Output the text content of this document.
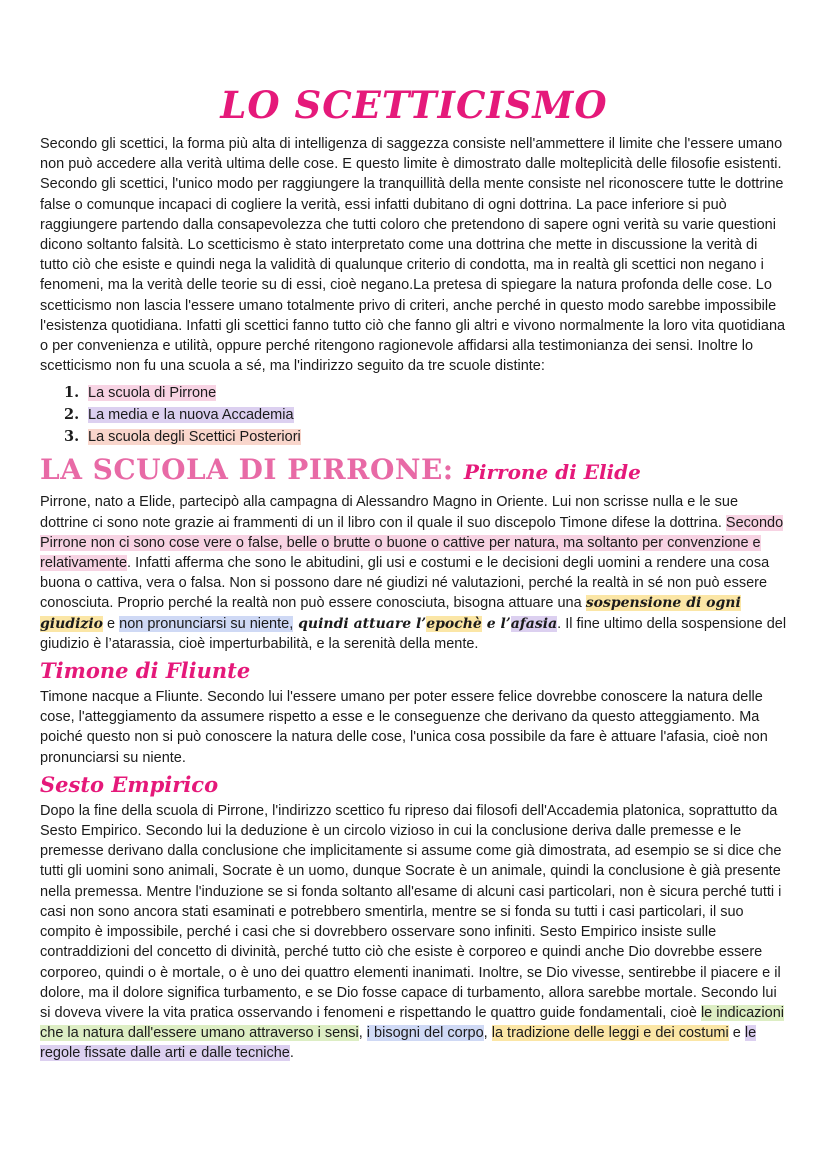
LO SCETTICISMO

Secondo gli scettici, la forma più alta di intelligenza di saggezza consiste nell'ammettere il limite che l'essere umano non può accedere alla verità ultima delle cose. E questo limite è dimostrato dalle molteplicità delle filosofie esistenti. Secondo gli scettici, l'unico modo per raggiungere la tranquillità della mente consiste nel riconoscere tutte le dottrine false o comunque incapaci di cogliere la verità, essi infatti dubitano di ogni dottrina. La pace inferiore si può raggiungere partendo dalla consapevolezza che tutti coloro che pretendono di sapere ogni verità su varie questioni dicono soltanto falsità. Lo scetticismo è stato interpretato come una dottrina che mette in discussione la verità di tutto ciò che esiste e quindi nega la validità di qualunque criterio di condotta, ma in realtà gli scettici non negano i fenomeni, ma la verità delle teorie su di essi, cioè negano.La pretesa di spiegare la natura profonda delle cose. Lo scetticismo non lascia l'essere umano totalmente privo di criteri, anche perché in questo modo sarebbe impossibile l'esistenza quotidiana. Infatti gli scettici fanno tutto ciò che fanno gli altri e vivono normalmente la loro vita quotidiana o per convenienza e utilità, oppure perché ritengono ragionevole affidarsi alla testimonianza dei sensi. Inoltre lo scetticismo non fu una scuola a sé, ma l'indirizzo seguito da tre scuole distinte:

1. La scuola di Pirrone
2. La media e la nuova Accademia
3. La scuola degli Scettici Posteriori
LA SCUOLA DI PIRRONE: Pirrone di Elide

Pirrone, nato a Elide, partecipò alla campagna di Alessandro Magno in Oriente. Lui non scrisse nulla e le sue dottrine ci sono note grazie ai frammenti di un il libro con il quale il suo discepolo Timone difese la dottrina. Secondo Pirrone non ci sono cose vere o false, belle o brutte o buone o cattive per natura, ma soltanto per convenzione e relativamente. Infatti afferma che sono le abitudini, gli usi e costumi e le decisioni degli uomini a rendere una cosa buona o cattiva, vera o falsa. Non si possono dare né giudizi né valutazioni, perché la realtà in sé non può essere conosciuta. Proprio perché la realtà non può essere conosciuta, bisogna attuare una sospensione di ogni giudizio e non pronunciarsi su niente, quindi attuare l’epochè e l’afasia. Il fine ultimo della sospensione del giudizio è l’atarassia, cioè imperturbabilità, e la serenità della mente.

Timone di Fliunte

Timone nacque a Fliunte. Secondo lui l'essere umano per poter essere felice dovrebbe conoscere la natura delle cose, l'atteggiamento da assumere rispetto a esse e le conseguenze che derivano da questo atteggiamento. Ma poiché questo non si può conoscere la natura delle cose, l'unica cosa possibile da fare è attuare l'afasia, cioè non pronunciarsi su niente.

Sesto Empirico

Dopo la fine della scuola di Pirrone, l'indirizzo scettico fu ripreso dai filosofi dell'Accademia platonica, soprattutto da Sesto Empirico. Secondo lui la deduzione è un circolo vizioso in cui la conclusione deriva dalle premesse e le premesse derivano dalla conclusione che implicitamente si assume come già dimostrata, ad esempio se si dice che tutti gli uomini sono animali, Socrate è un uomo, dunque Socrate è un animale, quindi la conclusione è già presente nella premessa. Mentre l'induzione se si fonda soltanto all'esame di alcuni casi particolari, non è sicura perché tutti i casi non sono ancora stati esaminati e potrebbero smentirla, mentre se si fonda su tutti i casi particolari, il suo compito è impossibile, perché i casi che si dovrebbero osservare sono infiniti. Sesto Empirico insiste sulle contraddizioni del concetto di divinità, perché tutto ciò che esiste è corporeo e quindi anche Dio dovrebbe essere corporeo, quindi o è mortale, o è uno dei quattro elementi inanimati. Inoltre, se Dio vivesse, sentirebbe il piacere e il dolore, ma il dolore significa turbamento, e se Dio fosse capace di turbamento, allora sarebbe mortale. Secondo lui si doveva vivere la vita pratica osservando i fenomeni e rispettando le quattro guide fondamentali, cioè le indicazioni che la natura dall'essere umano attraverso i sensi, i bisogni del corpo, la tradizione delle leggi e dei costumi e le regole fissate dalle arti e dalle tecniche.
